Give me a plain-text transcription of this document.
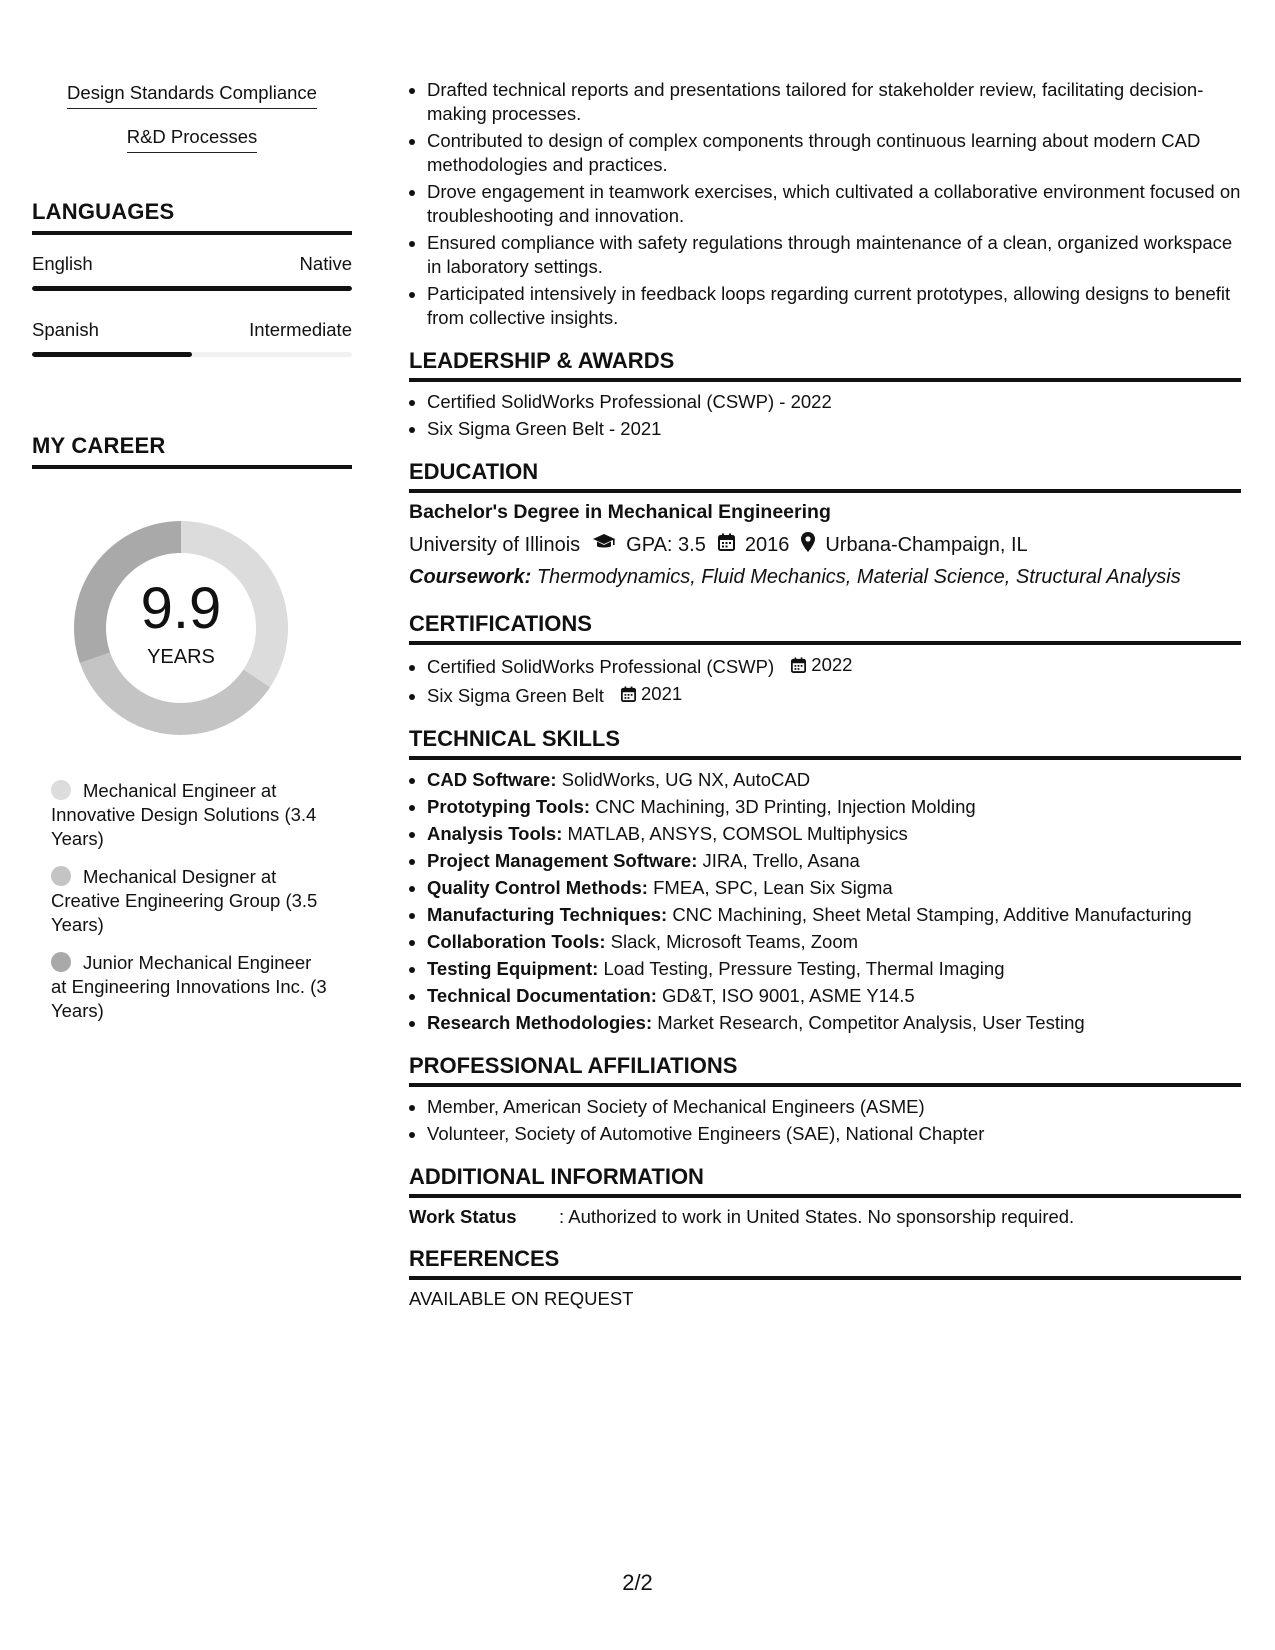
Design Standards Compliance
R&D Processes
LANGUAGES
English	Native
Spanish	Intermediate
MY CAREER
9.9
YEARS
Mechanical Engineer at Innovative Design Solutions (3.4 Years)
Mechanical Designer at Creative Engineering Group (3.5 Years)
Junior Mechanical Engineer at Engineering Innovations Inc. (3 Years)
• Drafted technical reports and presentations tailored for stakeholder review, facilitating decision-making processes.
• Contributed to design of complex components through continuous learning about modern CAD methodologies and practices.
• Drove engagement in teamwork exercises, which cultivated a collaborative environment focused on troubleshooting and innovation.
• Ensured compliance with safety regulations through maintenance of a clean, organized workspace in laboratory settings.
• Participated intensively in feedback loops regarding current prototypes, allowing designs to benefit from collective insights.
LEADERSHIP & AWARDS
• Certified SolidWorks Professional (CSWP) - 2022
• Six Sigma Green Belt - 2021
EDUCATION
Bachelor's Degree in Mechanical Engineering
University of Illinois GPA: 3.5 2016 Urbana-Champaign, IL
Coursework: Thermodynamics, Fluid Mechanics, Material Science, Structural Analysis
CERTIFICATIONS
• Certified SolidWorks Professional (CSWP) 2022
• Six Sigma Green Belt 2021
TECHNICAL SKILLS
• CAD Software: SolidWorks, UG NX, AutoCAD
• Prototyping Tools: CNC Machining, 3D Printing, Injection Molding
• Analysis Tools: MATLAB, ANSYS, COMSOL Multiphysics
• Project Management Software: JIRA, Trello, Asana
• Quality Control Methods: FMEA, SPC, Lean Six Sigma
• Manufacturing Techniques: CNC Machining, Sheet Metal Stamping, Additive Manufacturing
• Collaboration Tools: Slack, Microsoft Teams, Zoom
• Testing Equipment: Load Testing, Pressure Testing, Thermal Imaging
• Technical Documentation: GD&T, ISO 9001, ASME Y14.5
• Research Methodologies: Market Research, Competitor Analysis, User Testing
PROFESSIONAL AFFILIATIONS
• Member, American Society of Mechanical Engineers (ASME)
• Volunteer, Society of Automotive Engineers (SAE), National Chapter
ADDITIONAL INFORMATION
Work Status	: Authorized to work in United States. No sponsorship required.
REFERENCES
AVAILABLE ON REQUEST
2/2
